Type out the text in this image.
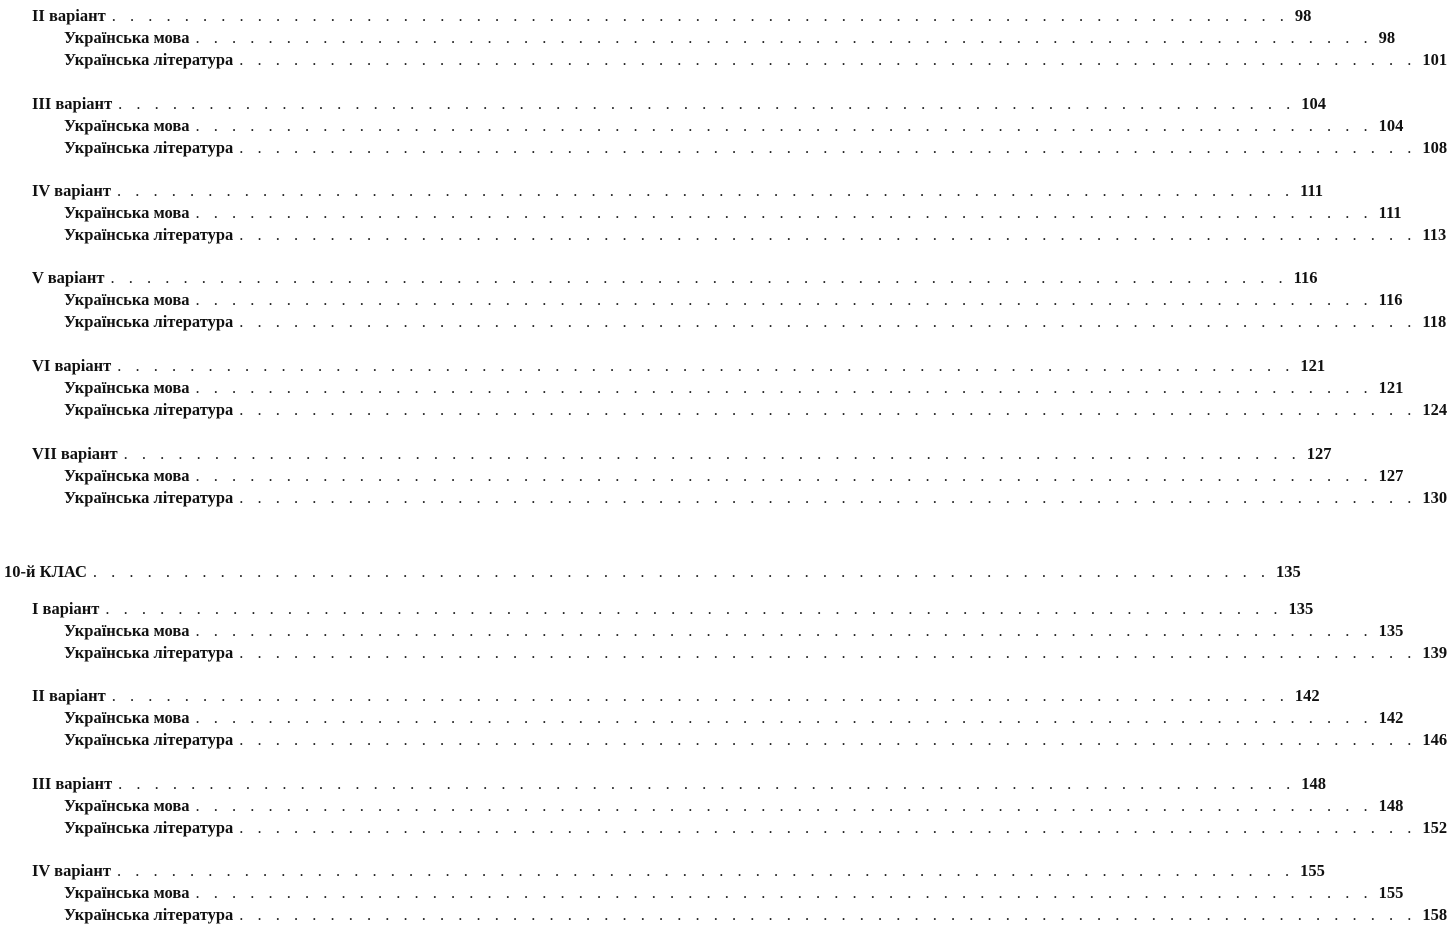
II варіант . . . . . . . . . . . . . . . . . . . . . . . . . . . . . . . . . . . . . . . . . . . . . . . . . . . . . . . . . . . . . . . . . 98
Українська мова . . . . . . . . . . . . . . . . . . . . . . . . . . . . . . . . . . . . . . . . . . . . . . . . . . . . . . . . . . . . . . . . . 98
Українська література . . . . . . . . . . . . . . . . . . . . . . . . . . . . . . . . . . . . . . . . . . . . . . . . . . . . . . . . . . . . . . . . . 101
III варіант . . . . . . . . . . . . . . . . . . . . . . . . . . . . . . . . . . . . . . . . . . . . . . . . . . . . . . . . . . . . . . . . . 104
Українська мова . . . . . . . . . . . . . . . . . . . . . . . . . . . . . . . . . . . . . . . . . . . . . . . . . . . . . . . . . . . . . . . . . 104
Українська література . . . . . . . . . . . . . . . . . . . . . . . . . . . . . . . . . . . . . . . . . . . . . . . . . . . . . . . . . . . . . . . . . 108
IV варіант . . . . . . . . . . . . . . . . . . . . . . . . . . . . . . . . . . . . . . . . . . . . . . . . . . . . . . . . . . . . . . . . . 111
Українська мова . . . . . . . . . . . . . . . . . . . . . . . . . . . . . . . . . . . . . . . . . . . . . . . . . . . . . . . . . . . . . . . . . 111
Українська література . . . . . . . . . . . . . . . . . . . . . . . . . . . . . . . . . . . . . . . . . . . . . . . . . . . . . . . . . . . . . . . . . 113
V варіант . . . . . . . . . . . . . . . . . . . . . . . . . . . . . . . . . . . . . . . . . . . . . . . . . . . . . . . . . . . . . . . . . 116
Українська мова . . . . . . . . . . . . . . . . . . . . . . . . . . . . . . . . . . . . . . . . . . . . . . . . . . . . . . . . . . . . . . . . . 116
Українська література . . . . . . . . . . . . . . . . . . . . . . . . . . . . . . . . . . . . . . . . . . . . . . . . . . . . . . . . . . . . . . . . . 118
VI варіант . . . . . . . . . . . . . . . . . . . . . . . . . . . . . . . . . . . . . . . . . . . . . . . . . . . . . . . . . . . . . . . . . 121
Українська мова . . . . . . . . . . . . . . . . . . . . . . . . . . . . . . . . . . . . . . . . . . . . . . . . . . . . . . . . . . . . . . . . . 121
Українська література . . . . . . . . . . . . . . . . . . . . . . . . . . . . . . . . . . . . . . . . . . . . . . . . . . . . . . . . . . . . . . . . . 124
VII варіант . . . . . . . . . . . . . . . . . . . . . . . . . . . . . . . . . . . . . . . . . . . . . . . . . . . . . . . . . . . . . . . . . 127
Українська мова . . . . . . . . . . . . . . . . . . . . . . . . . . . . . . . . . . . . . . . . . . . . . . . . . . . . . . . . . . . . . . . . . 127
Українська література . . . . . . . . . . . . . . . . . . . . . . . . . . . . . . . . . . . . . . . . . . . . . . . . . . . . . . . . . . . . . . . . . 130
10-й КЛАС . . . . . . . . . . . . . . . . . . . . . . . . . . . . . . . . . . . . . . . . . . . . . . . . . . . . . . . . . . . . . . . . . 135
І варіант . . . . . . . . . . . . . . . . . . . . . . . . . . . . . . . . . . . . . . . . . . . . . . . . . . . . . . . . . . . . . . . . . 135
Українська мова . . . . . . . . . . . . . . . . . . . . . . . . . . . . . . . . . . . . . . . . . . . . . . . . . . . . . . . . . . . . . . . . . 135
Українська література . . . . . . . . . . . . . . . . . . . . . . . . . . . . . . . . . . . . . . . . . . . . . . . . . . . . . . . . . . . . . . . . . 139
II варіант . . . . . . . . . . . . . . . . . . . . . . . . . . . . . . . . . . . . . . . . . . . . . . . . . . . . . . . . . . . . . . . . . 142
Українська мова . . . . . . . . . . . . . . . . . . . . . . . . . . . . . . . . . . . . . . . . . . . . . . . . . . . . . . . . . . . . . . . . . 142
Українська література . . . . . . . . . . . . . . . . . . . . . . . . . . . . . . . . . . . . . . . . . . . . . . . . . . . . . . . . . . . . . . . . . 146
III варіант . . . . . . . . . . . . . . . . . . . . . . . . . . . . . . . . . . . . . . . . . . . . . . . . . . . . . . . . . . . . . . . . . 148
Українська мова . . . . . . . . . . . . . . . . . . . . . . . . . . . . . . . . . . . . . . . . . . . . . . . . . . . . . . . . . . . . . . . . . 148
Українська література . . . . . . . . . . . . . . . . . . . . . . . . . . . . . . . . . . . . . . . . . . . . . . . . . . . . . . . . . . . . . . . . . 152
IV варіант . . . . . . . . . . . . . . . . . . . . . . . . . . . . . . . . . . . . . . . . . . . . . . . . . . . . . . . . . . . . . . . . . 155
Українська мова . . . . . . . . . . . . . . . . . . . . . . . . . . . . . . . . . . . . . . . . . . . . . . . . . . . . . . . . . . . . . . . . . 155
Українська література . . . . . . . . . . . . . . . . . . . . . . . . . . . . . . . . . . . . . . . . . . . . . . . . . . . . . . . . . . . . . . . . . 158
